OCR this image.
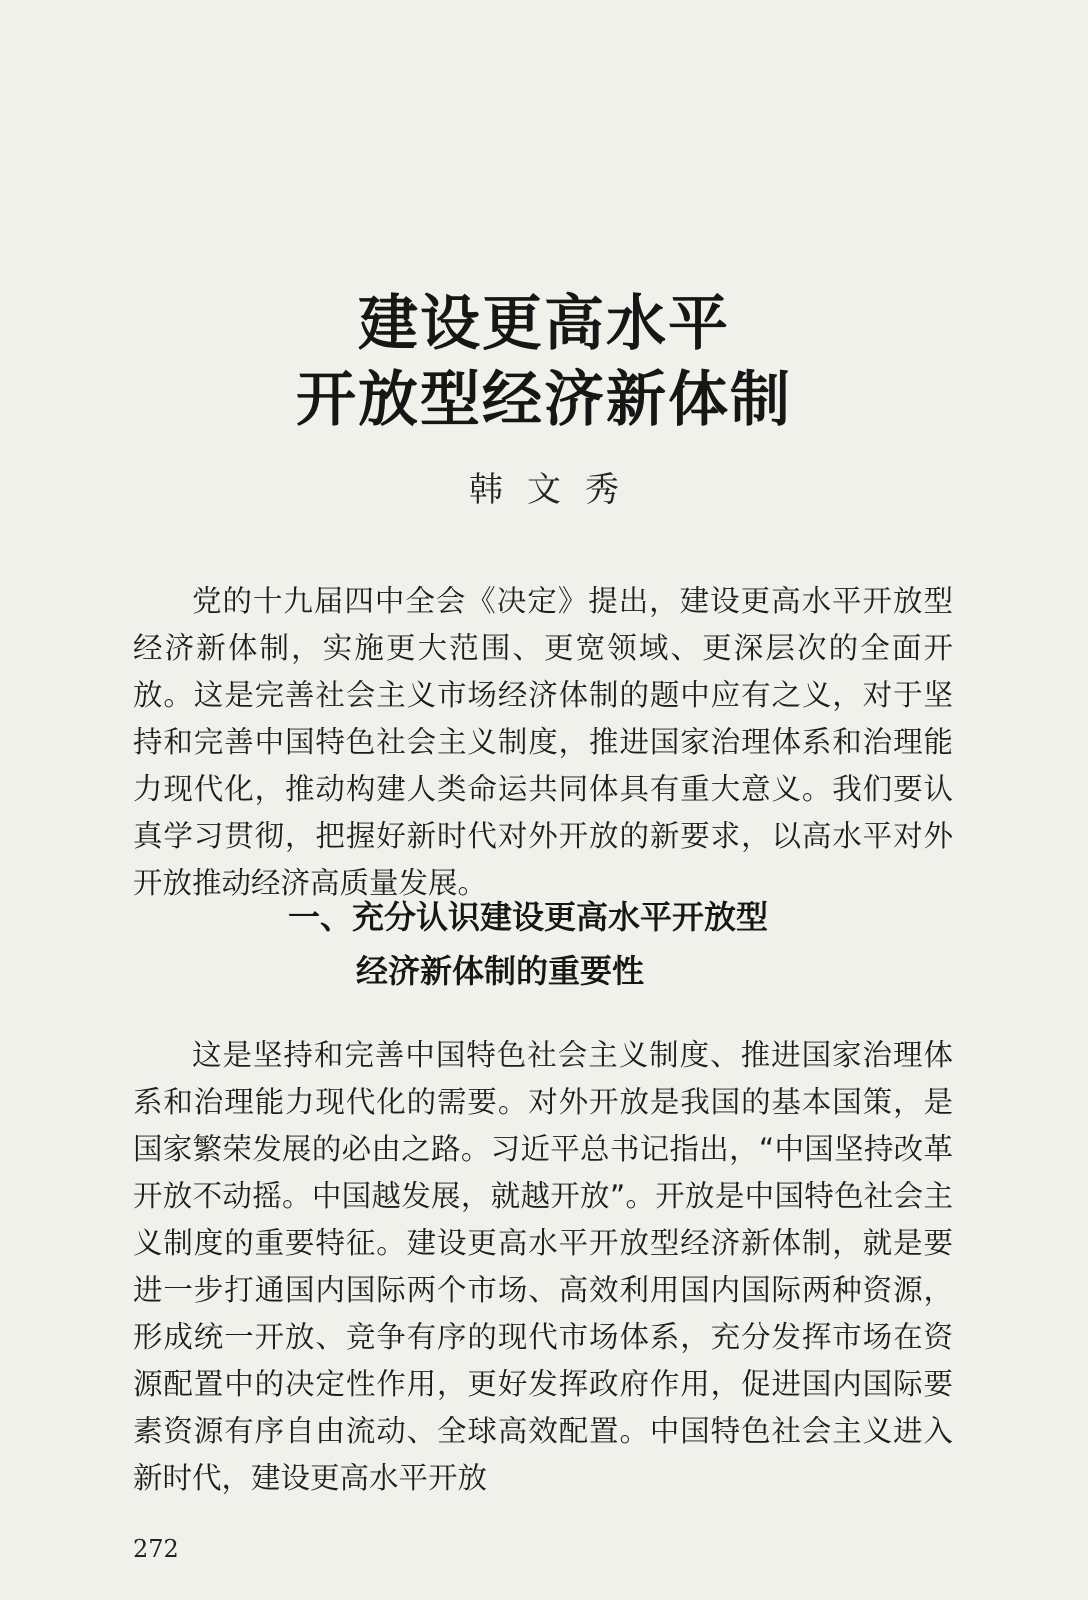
建设更高水平
开放型经济新体制
韩文秀

党的十九届四中全会《决定》提出，建设更高水平开放型经济新体制，实施更大范围、更宽领域、更深层次的全面开放。这是完善社会主义市场经济体制的题中应有之义，对于坚持和完善中国特色社会主义制度，推进国家治理体系和治理能力现代化，推动构建人类命运共同体具有重大意义。我们要认真学习贯彻，把握好新时代对外开放的新要求，以高水平对外开放推动经济高质量发展。

一、充分认识建设更高水平开放型
经济新体制的重要性

这是坚持和完善中国特色社会主义制度、推进国家治理体系和治理能力现代化的需要。对外开放是我国的基本国策，是国家繁荣发展的必由之路。习近平总书记指出，“中国坚持改革开放不动摇。中国越发展，就越开放”。开放是中国特色社会主义制度的重要特征。建设更高水平开放型经济新体制，就是要进一步打通国内国际两个市场、高效利用国内国际两种资源，形成统一开放、竞争有序的现代市场体系，充分发挥市场在资源配置中的决定性作用，更好发挥政府作用，促进国内国际要素资源有序自由流动、全球高效配置。中国特色社会主义进入新时代，建设更高水平开放

272
